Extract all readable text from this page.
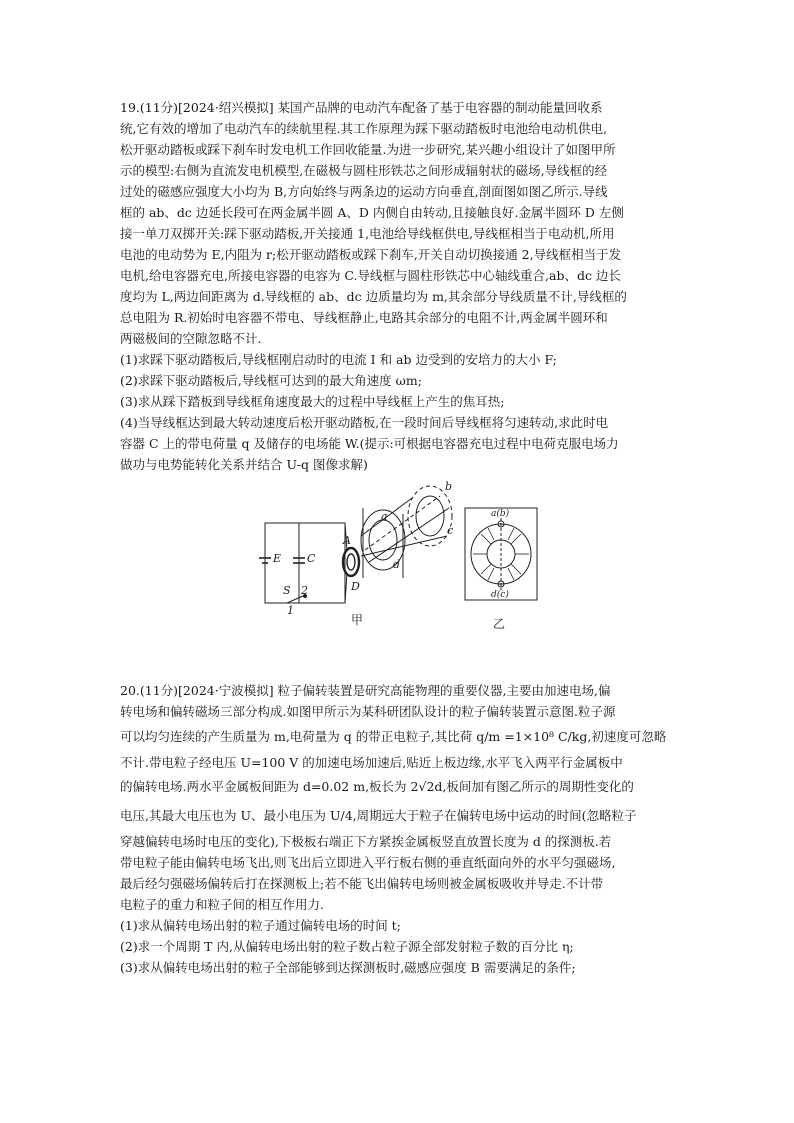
19.(11分)[2024·绍兴模拟] 某国产品牌的电动汽车配备了基于电容器的制动能量回收系

统,它有效的增加了电动汽车的续航里程.其工作原理为踩下驱动踏板时电池给电动机供电,

松开驱动踏板或踩下刹车时发电机工作回收能量.为进一步研究,某兴趣小组设计了如图甲所

示的模型:右侧为直流发电机模型,在磁极与圆柱形铁芯之间形成辐射状的磁场,导线框的经

过处的磁感应强度大小均为 B,方向始终与两条边的运动方向垂直,剖面图如图乙所示.导线

框的 ab、dc 边延长段可在两金属半圆 A、D 内侧自由转动,且接触良好.金属半圆环 D 左侧

接一单刀双掷开关:踩下驱动踏板,开关接通 1,电池给导线框供电,导线框相当于电动机,所用

电池的电动势为 E,内阻为 r;松开驱动踏板或踩下刹车,开关自动切换接通 2,导线框相当于发

电机,给电容器充电,所接电容器的电容为 C.导线框与圆柱形铁芯中心轴线重合,ab、dc 边长

度均为 L,两边间距离为 d.导线框的 ab、dc 边质量均为 m,其余部分导线质量不计,导线框的

总电阻为 R.初始时电容器不带电、导线框静止,电路其余部分的电阻不计,两金属半圆环和

两磁极间的空隙忽略不计.

(1)求踩下驱动踏板后,导线框刚启动时的电流 I 和 ab 边受到的安培力的大小 F;

(2)求踩下驱动踏板后,导线框可达到的最大角速度 ωm;

(3)求从踩下踏板到导线框角速度最大的过程中导线框上产生的焦耳热;

(4)当导线框达到最大转动速度后松开驱动踏板,在一段时间后导线框将匀速转动,求此时电

容器 C 上的带电荷量 q 及储存的电场能 W.(提示:可根据电容器充电过程中电荷克服电场力

做功与电势能转化关系并结合 U-q 图像求解)

E C
S
1
2
A
D
a
b
c
d
a(b)
d(c)
甲	乙

20.(11分)[2024·宁波模拟] 粒子偏转装置是研究高能物理的重要仪器,主要由加速电场,偏

转电场和偏转磁场三部分构成.如图甲所示为某科研团队设计的粒子偏转装置示意图.粒子源

可以均匀连续的产生质量为 m,电荷量为 q 的带正电粒子,其比荷 q/m =1×10⁸ C/kg,初速度可忽略

不计.带电粒子经电压 U=100 V 的加速电场加速后,贴近上板边缘,水平飞入两平行金属板中

的偏转电场.两水平金属板间距为 d=0.02 m,板长为 2√2d,板间加有图乙所示的周期性变化的

电压,其最大电压也为 U、最小电压为 U/4,周期远大于粒子在偏转电场中运动的时间(忽略粒子

穿越偏转电场时电压的变化),下极板右端正下方紧挨金属板竖直放置长度为 d 的探测板.若

带电粒子能由偏转电场飞出,则飞出后立即进入平行板右侧的垂直纸面向外的水平匀强磁场,

最后经匀强磁场偏转后打在探测板上;若不能飞出偏转电场则被金属板吸收并导走.不计带

电粒子的重力和粒子间的相互作用力.

(1)求从偏转电场出射的粒子通过偏转电场的时间 t;

(2)求一个周期 T 内,从偏转电场出射的粒子数占粒子源全部发射粒子数的百分比 η;

(3)求从偏转电场出射的粒子全部能够到达探测板时,磁感应强度 B 需要满足的条件;
